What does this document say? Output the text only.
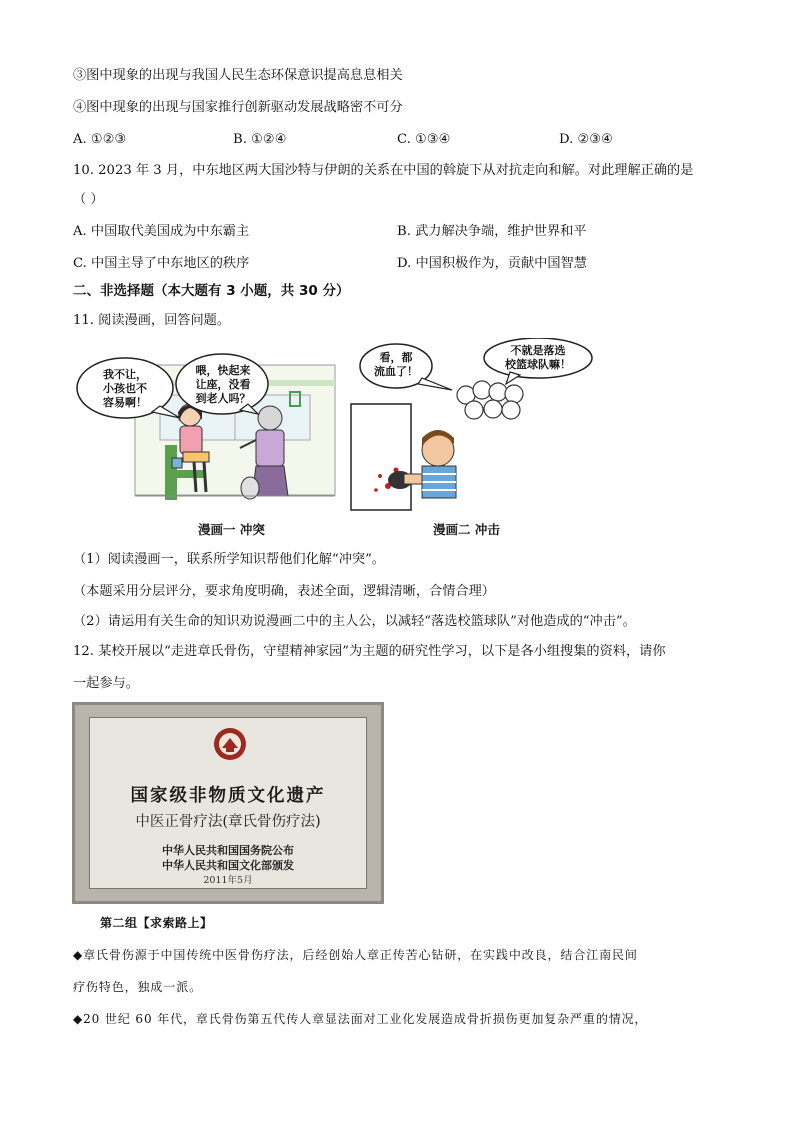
③图中现象的出现与我国人民生态环保意识提高息息相关
④图中现象的出现与国家推行创新驱动发展战略密不可分
A. ①②③	B. ①②④	C. ①③④	D. ②③④
10. 2023 年 3 月，中东地区两大国沙特与伊朗的关系在中国的斡旋下从对抗走向和解。对此理解正确的是
（ ）
A. 中国取代美国成为中东霸主	B. 武力解决争端，维护世界和平
C. 中国主导了中东地区的秩序	D. 中国积极作为，贡献中国智慧
二、非选择题（本大题有 3 小题，共 30 分）
11. 阅读漫画，回答问题。
我不让，
小孩也不
容易啊！
喂，快起来
让座，没看
到老人吗？
漫画一 冲突
看，都
流血了！
不就是落选
校篮球队嘛！
漫画二 冲击
（1）阅读漫画一，联系所学知识帮他们化解“冲突”。
（本题采用分层评分，要求角度明确，表述全面，逻辑清晰，合情合理）
（2）请运用有关生命的知识劝说漫画二中的主人公，以减轻“落选校篮球队”对他造成的“冲击”。
12. 某校开展以“走进章氏骨伤，守望精神家园”为主题的研究性学习，以下是各小组搜集的资料，请你
一起参与。
国家级非物质文化遗产
中医正骨疗法(章氏骨伤疗法)
中华人民共和国国务院公布
中华人民共和国文化部颁发
2011年5月
第二组【求索路上】
◆章氏骨伤源于中国传统中医骨伤疗法，后经创始人章正传苦心钻研，在实践中改良，结合江南民间
疗伤特色，独成一派。
◆20 世纪 60 年代，章氏骨伤第五代传人章显法面对工业化发展造成骨折损伤更加复杂严重的情况，
